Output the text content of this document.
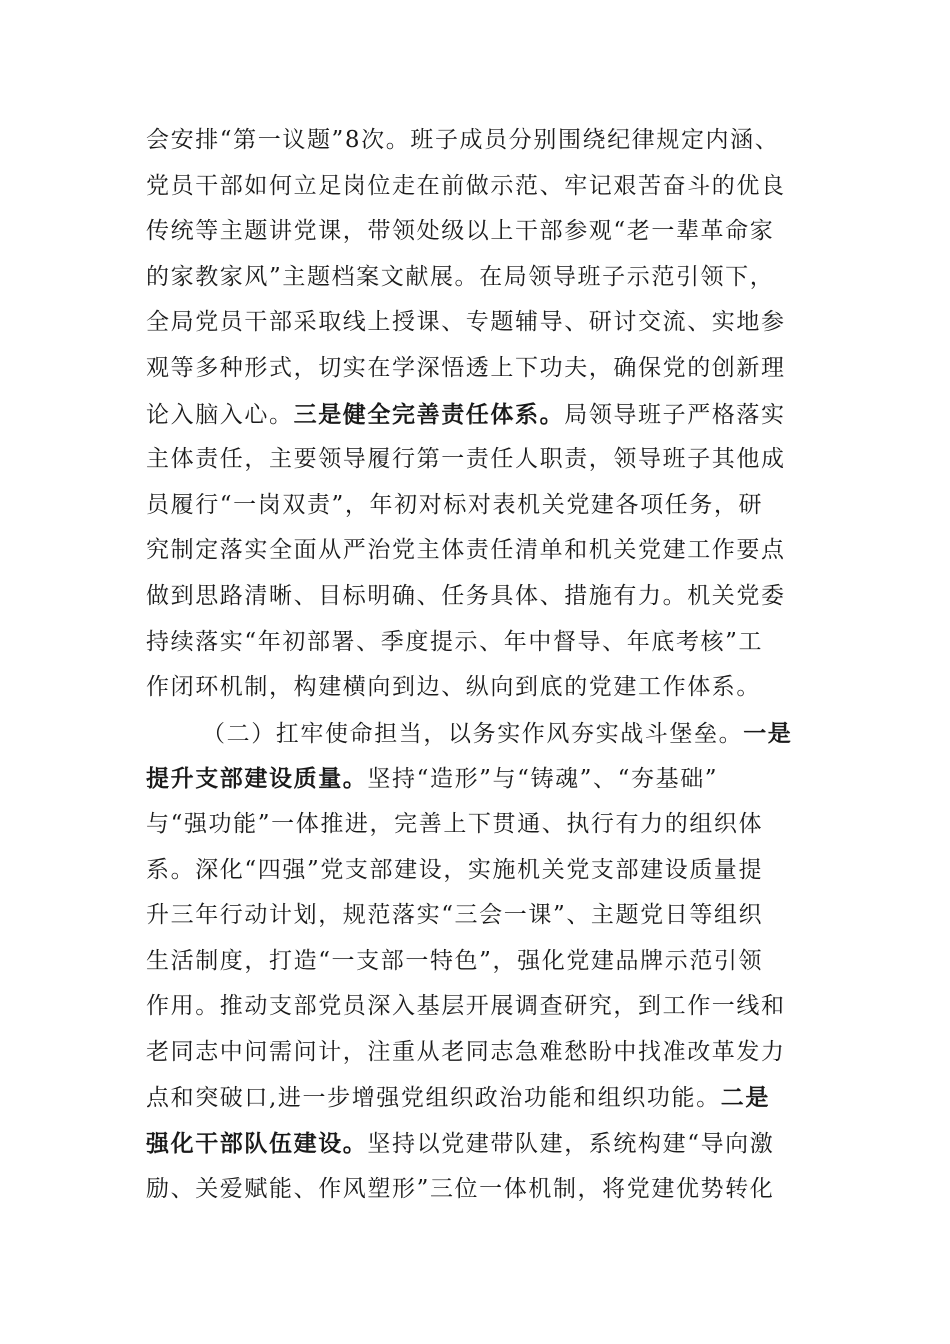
会安排“第一议题”8次。班子成员分别围绕纪律规定内涵、
党员干部如何立足岗位走在前做示范、牢记艰苦奋斗的优良
传统等主题讲党课，带领处级以上干部参观“老一辈革命家
的家教家风”主题档案文献展。在局领导班子示范引领下，
全局党员干部采取线上授课、专题辅导、研讨交流、实地参
观等多种形式，切实在学深悟透上下功夫，确保党的创新理
论入脑入心。三是健全完善责任体系。局领导班子严格落实
主体责任，主要领导履行第一责任人职责，领导班子其他成
员履行“一岗双责”，年初对标对表机关党建各项任务，研
究制定落实全面从严治党主体责任清单和机关党建工作要点
做到思路清晰、目标明确、任务具体、措施有力。机关党委
持续落实“年初部署、季度提示、年中督导、年底考核”工
作闭环机制，构建横向到边、纵向到底的党建工作体系。
（二）扛牢使命担当，以务实作风夯实战斗堡垒。一是
提升支部建设质量。坚持“造形”与“铸魂”、“夯基础”
与“强功能”一体推进，完善上下贯通、执行有力的组织体
系。深化“四强”党支部建设，实施机关党支部建设质量提
升三年行动计划，规范落实“三会一课”、主题党日等组织
生活制度，打造“一支部一特色”，强化党建品牌示范引领
作用。推动支部党员深入基层开展调查研究，到工作一线和
老同志中问需问计，注重从老同志急难愁盼中找准改革发力
点和突破口,进一步增强党组织政治功能和组织功能。二是
强化干部队伍建设。坚持以党建带队建，系统构建“导向激
励、关爱赋能、作风塑形”三位一体机制，将党建优势转化
